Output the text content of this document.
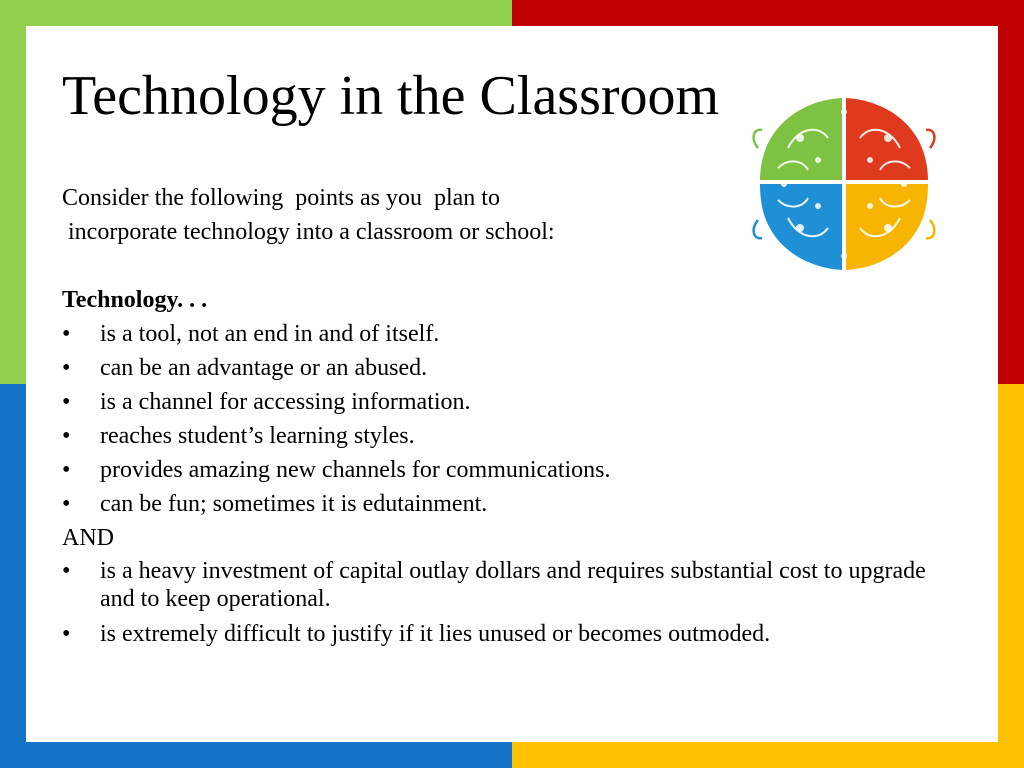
Technology in the Classroom

Consider the following  points as you  plan to

incorporate technology into a classroom or school:

Technology. . .

• is a tool, not an end in and of itself.
• can be an advantage or an abused.
• is a channel for accessing information.
• reaches student’s learning styles.
• provides amazing new channels for communications.
• can be fun; sometimes it is edutainment.

AND

• is a heavy investment of capital outlay dollars and requires substantial cost to upgrade and to keep operational.
• is extremely difficult to justify if it lies unused or becomes outmoded.
